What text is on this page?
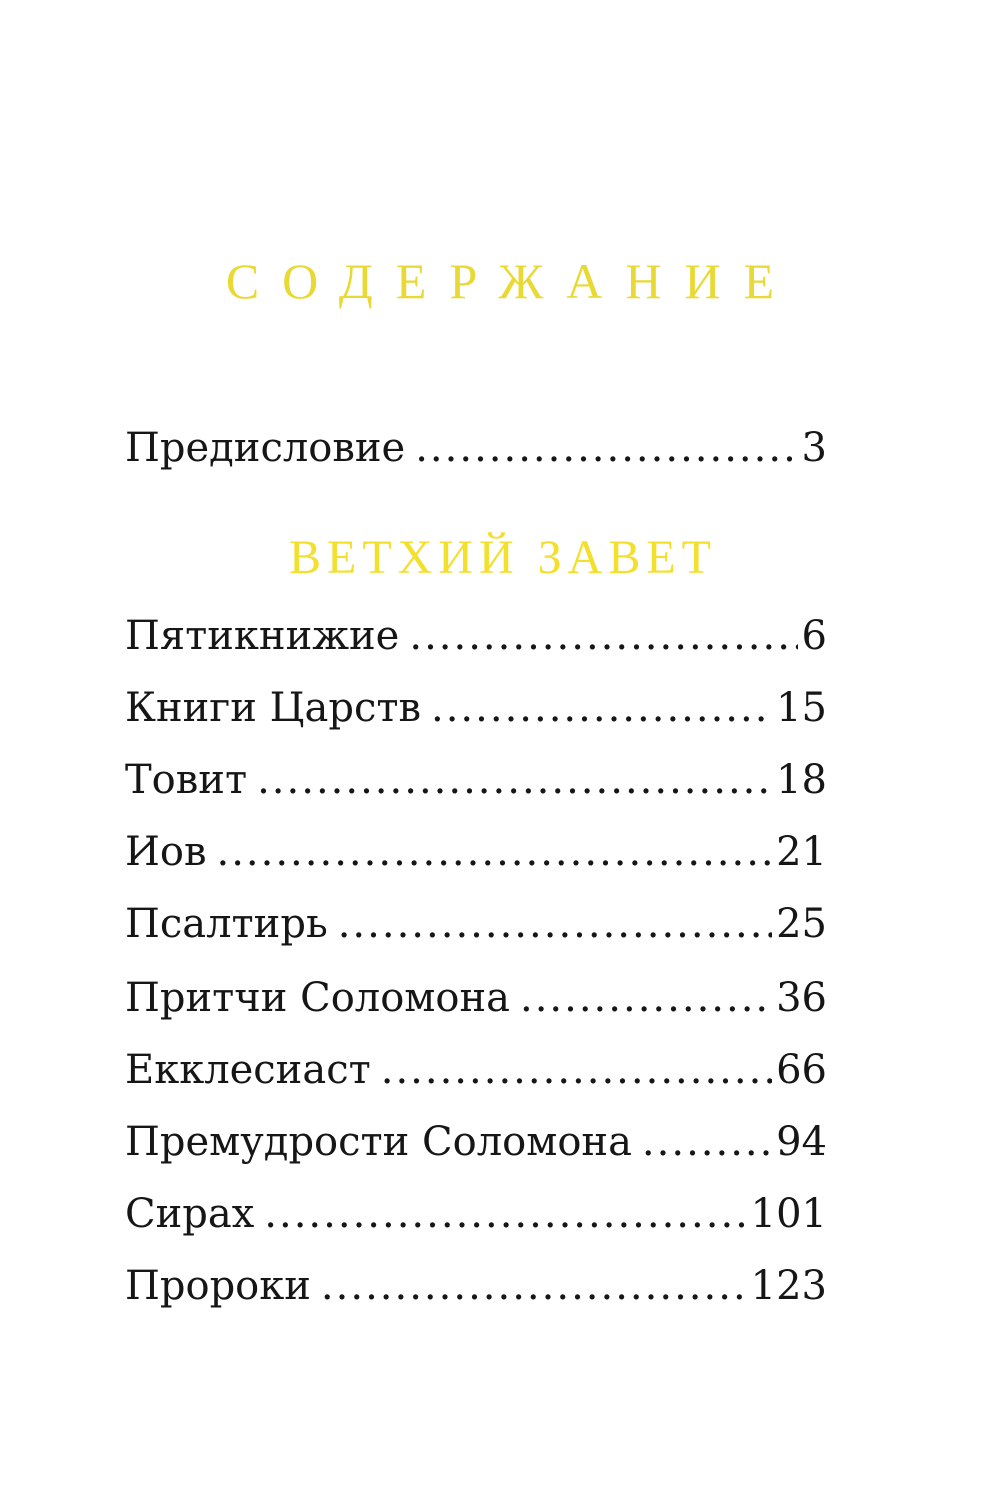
СОДЕРЖАНИЕ
Предисловие .....	3
ВЕТХИЙ ЗАВЕТ
Пятикнижие .....	6
Книги Царств .....	15
Товит .....	18
Иов .....	21
Псалтирь .....	25
Притчи Соломона .....	36
Екклесиаст .....	66
Премудрости Соломона .....	94
Сирах .....	101
Пророки .....	123
